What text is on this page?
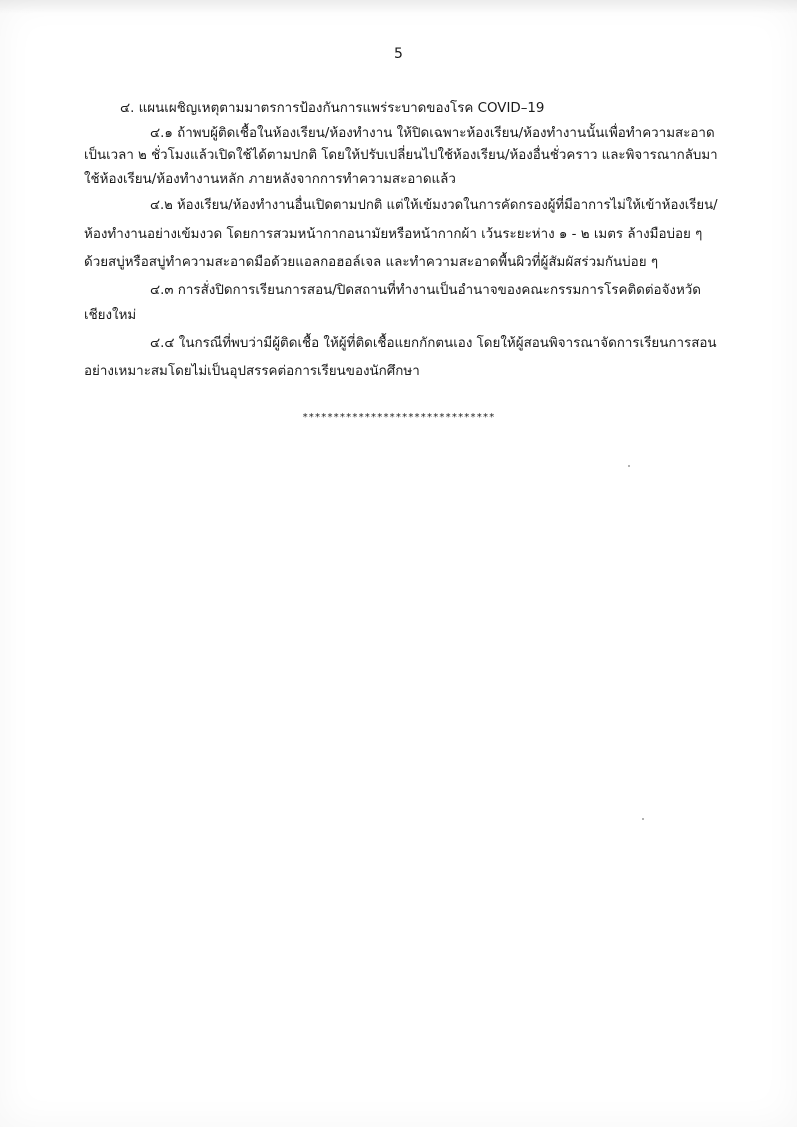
5
๔. แผนเผชิญเหตุตามมาตรการป้องกันการแพร่ระบาดของโรค COVID–19
๔.๑ ถ้าพบผู้ติดเชื้อในห้องเรียน/ห้องทำงาน ให้ปิดเฉพาะห้องเรียน/ห้องทำงานนั้นเพื่อทำความสะอาด
เป็นเวลา ๒ ชั่วโมงแล้วเปิดใช้ได้ตามปกติ โดยให้ปรับเปลี่ยนไปใช้ห้องเรียน/ห้องอื่นชั่วคราว และพิจารณากลับมา
ใช้ห้องเรียน/ห้องทำงานหลัก ภายหลังจากการทำความสะอาดแล้ว
๔.๒ ห้องเรียน/ห้องทำงานอื่นเปิดตามปกติ แต่ให้เข้มงวดในการคัดกรองผู้ที่มีอาการไม่ให้เข้าห้องเรียน/
ห้องทำงานอย่างเข้มงวด โดยการสวมหน้ากากอนามัยหรือหน้ากากผ้า เว้นระยะห่าง ๑ - ๒ เมตร ล้างมือบ่อย ๆ
ด้วยสบู่หรือสบู่ทำความสะอาดมือด้วยแอลกอฮอล์เจล และทำความสะอาดพื้นผิวที่ผู้สัมผัสร่วมกันบ่อย ๆ
๔.๓ การสั่งปิดการเรียนการสอน/ปิดสถานที่ทำงานเป็นอำนาจของคณะกรรมการโรคติดต่อจังหวัด
เชียงใหม่
๔.๔ ในกรณีที่พบว่ามีผู้ติดเชื้อ ให้ผู้ที่ติดเชื้อแยกกักตนเอง โดยให้ผู้สอนพิจารณาจัดการเรียนการสอน
อย่างเหมาะสมโดยไม่เป็นอุปสรรคต่อการเรียนของนักศึกษา
*******************************
